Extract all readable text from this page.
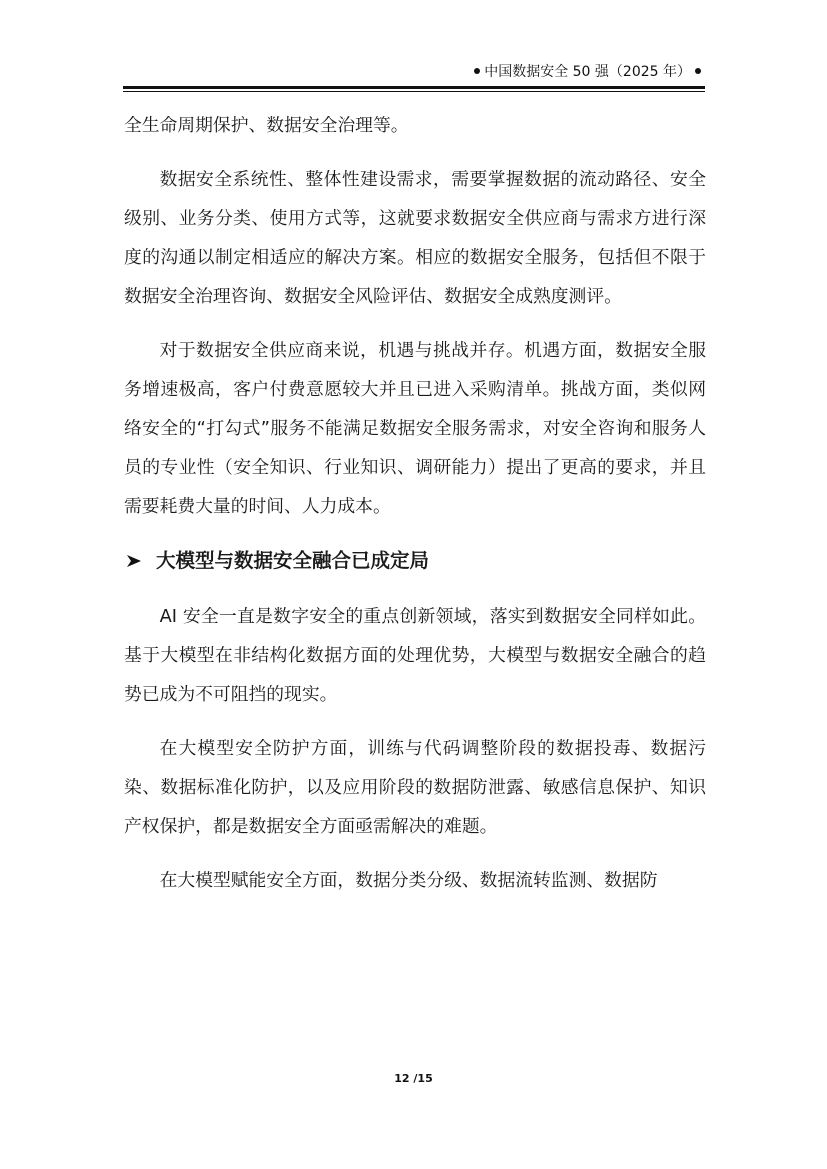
中国数据安全 50 强（2025 年）

全生命周期保护、数据安全治理等。

数据安全系统性、整体性建设需求，需要掌握数据的流动路径、安全级别、业务分类、使用方式等，这就要求数据安全供应商与需求方进行深度的沟通以制定相适应的解决方案。相应的数据安全服务，包括但不限于数据安全治理咨询、数据安全风险评估、数据安全成熟度测评。

对于数据安全供应商来说，机遇与挑战并存。机遇方面，数据安全服务增速极高，客户付费意愿较大并且已进入采购清单。挑战方面，类似网络安全的“打勾式”服务不能满足数据安全服务需求，对安全咨询和服务人员的专业性（安全知识、行业知识、调研能力）提出了更高的要求，并且需要耗费大量的时间、人力成本。

大模型与数据安全融合已成定局

AI 安全一直是数字安全的重点创新领域，落实到数据安全同样如此。基于大模型在非结构化数据方面的处理优势，大模型与数据安全融合的趋势已成为不可阻挡的现实。

在大模型安全防护方面，训练与代码调整阶段的数据投毒、数据污染、数据标准化防护，以及应用阶段的数据防泄露、敏感信息保护、知识产权保护，都是数据安全方面亟需解决的难题。

在大模型赋能安全方面，数据分类分级、数据流转监测、数据防

12 /15
